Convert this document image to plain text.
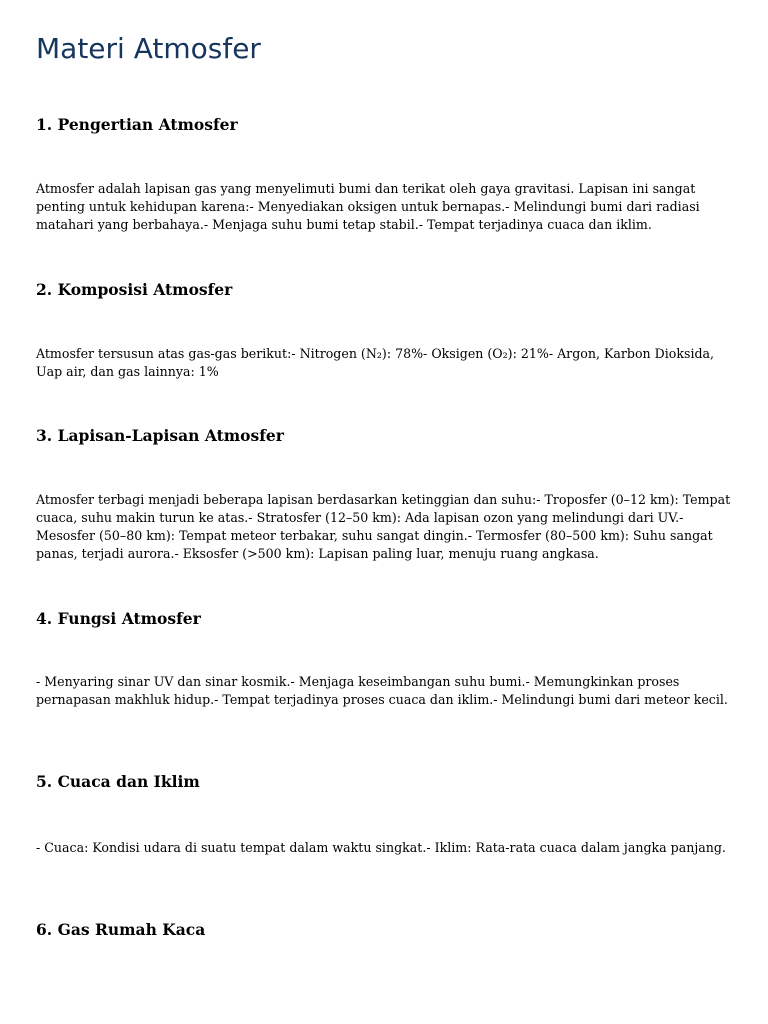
Materi Atmosfer
1. Pengertian Atmosfer

Atmosfer adalah lapisan gas yang menyelimuti bumi dan terikat oleh gaya gravitasi. Lapisan ini sangat penting untuk kehidupan karena:- Menyediakan oksigen untuk bernapas.- Melindungi bumi dari radiasi matahari yang berbahaya.- Menjaga suhu bumi tetap stabil.- Tempat terjadinya cuaca dan iklim.

2. Komposisi Atmosfer

Atmosfer tersusun atas gas-gas berikut:- Nitrogen (N₂): 78%- Oksigen (O₂): 21%- Argon, Karbon Dioksida, Uap air, dan gas lainnya: 1%

3. Lapisan-Lapisan Atmosfer

Atmosfer terbagi menjadi beberapa lapisan berdasarkan ketinggian dan suhu:- Troposfer (0–12 km): Tempat cuaca, suhu makin turun ke atas.- Stratosfer (12–50 km): Ada lapisan ozon yang melindungi dari UV.- Mesosfer (50–80 km): Tempat meteor terbakar, suhu sangat dingin.- Termosfer (80–500 km): Suhu sangat panas, terjadi aurora.- Eksosfer (>500 km): Lapisan paling luar, menuju ruang angkasa.

4. Fungsi Atmosfer

- Menyaring sinar UV dan sinar kosmik.- Menjaga keseimbangan suhu bumi.- Memungkinkan proses pernapasan makhluk hidup.- Tempat terjadinya proses cuaca dan iklim.- Melindungi bumi dari meteor kecil.

5. Cuaca dan Iklim

- Cuaca: Kondisi udara di suatu tempat dalam waktu singkat.- Iklim: Rata-rata cuaca dalam jangka panjang.

6. Gas Rumah Kaca
